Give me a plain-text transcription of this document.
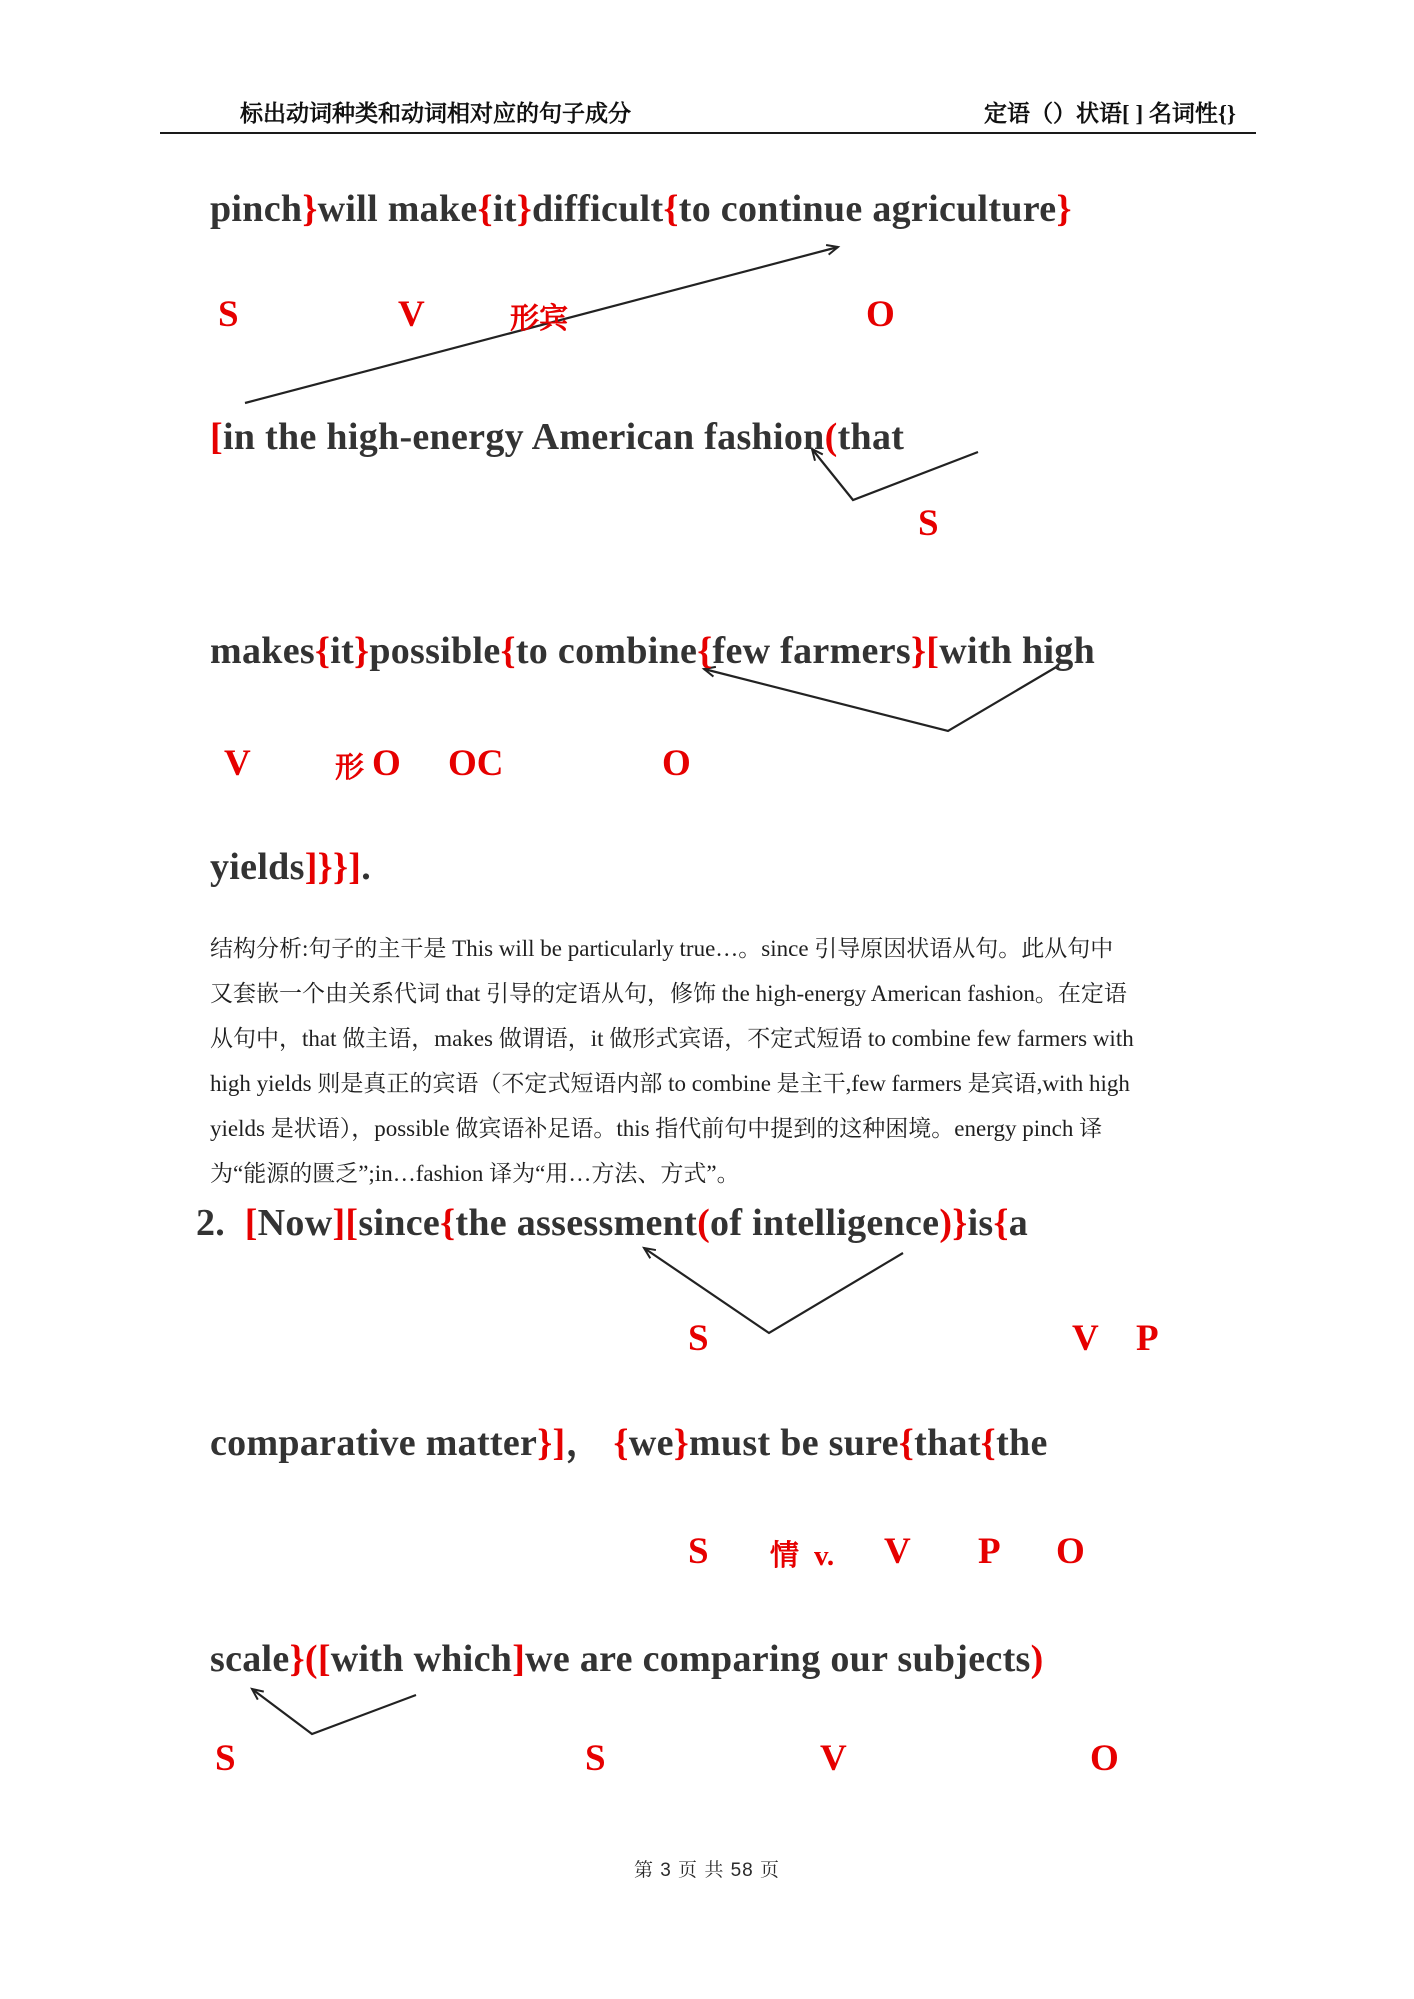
标出动词种类和动词相对应的句子成分	定语（）状语[ ] 名词性{}
pinch}will make{it}difficult{to continue agriculture}
[in the high-energy American fashion(that
makes{it}possible{to combine{few farmers}[with high
yields]}}].
2.  [Now][since{the assessment(of intelligence)}is{a
comparative matter}]， {we}must be sure{that{the
scale}([with which]we are comparing our subjects)
S	V	形宾	O
S
V	形 O OC	O
S	V P
S 情 v. V P O
S	S	V	O
结构分析:句子的主干是 This will be particularly true…。since 引导原因状语从句。此从句中
又套嵌一个由关系代词 that 引导的定语从句，修饰 the high-energy American fashion。在定语
从句中，that 做主语，makes 做谓语，it 做形式宾语，不定式短语 to combine few farmers with
high yields 则是真正的宾语（不定式短语内部 to combine 是主干,few farmers 是宾语,with high
yields 是状语），possible 做宾语补足语。this 指代前句中提到的这种困境。energy pinch 译
为“能源的匮乏”;in…fashion 译为“用…方法、方式”。
第 3 页 共 58 页
